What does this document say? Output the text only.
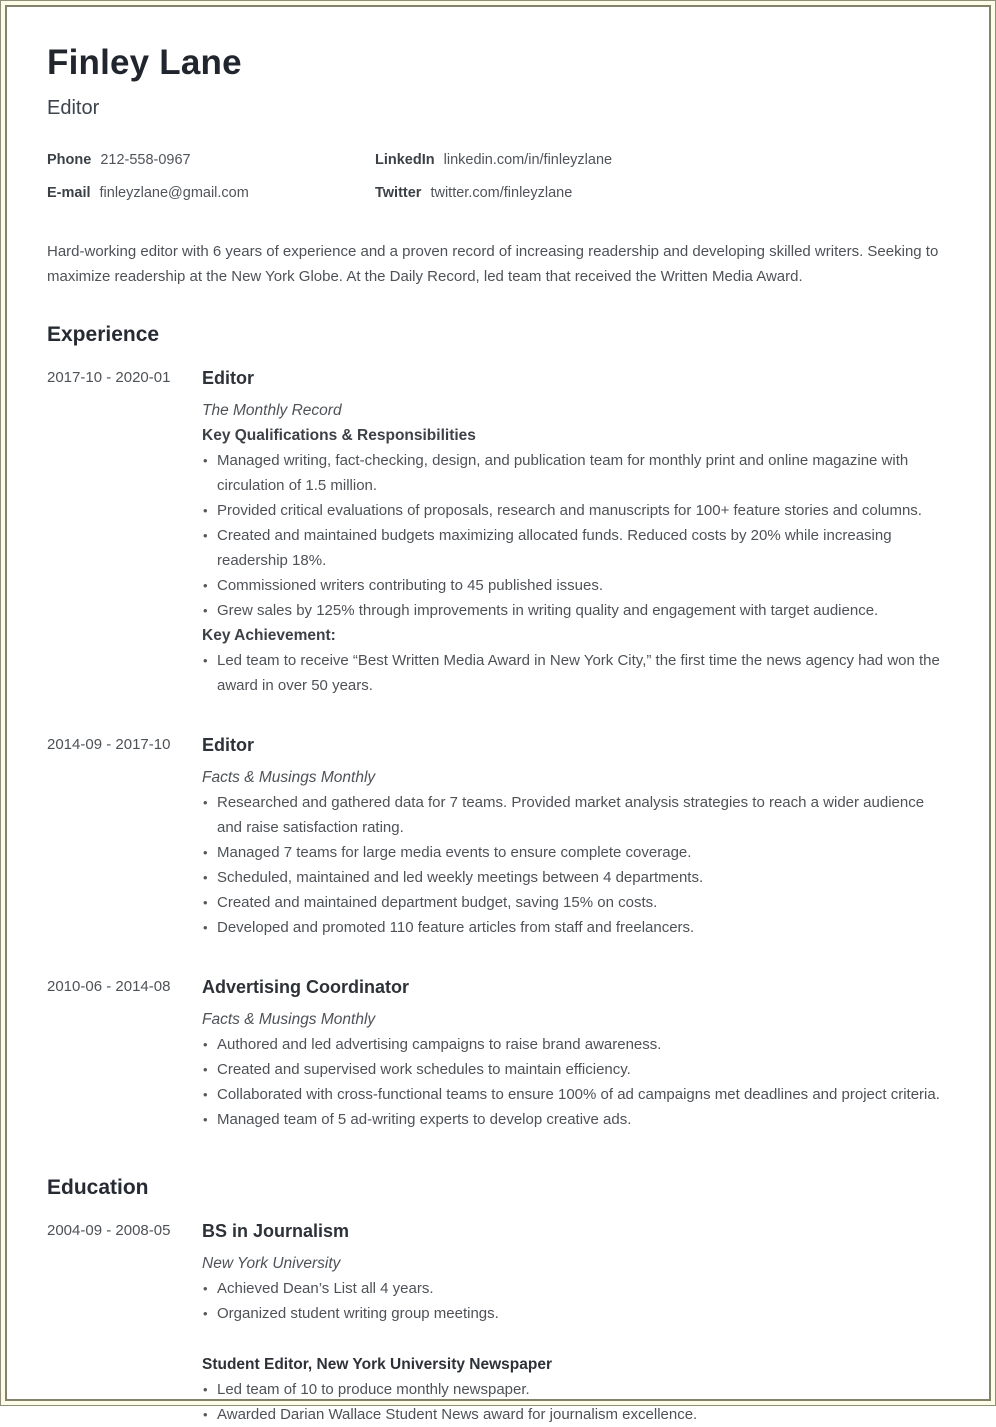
Finley Lane
Editor
Phone 212-558-0967	LinkedIn linkedin.com/in/finleyzlane
E-mail finleyzlane@gmail.com	Twitter twitter.com/finleyzlane

Hard-working editor with 6 years of experience and a proven record of increasing readership and developing skilled writers. Seeking to maximize readership at the New York Globe. At the Daily Record, led team that received the Written Media Award.

Experience
2017-10 - 2020-01	Editor
The Monthly Record
Key Qualifications & Responsibilities
• Managed writing, fact-checking, design, and publication team for monthly print and online magazine with circulation of 1.5 million.
• Provided critical evaluations of proposals, research and manuscripts for 100+ feature stories and columns.
• Created and maintained budgets maximizing allocated funds. Reduced costs by 20% while increasing readership 18%.
• Commissioned writers contributing to 45 published issues.
• Grew sales by 125% through improvements in writing quality and engagement with target audience.
Key Achievement:
• Led team to receive “Best Written Media Award in New York City,” the first time the news agency had won the award in over 50 years.
2014-09 - 2017-10	Editor
Facts & Musings Monthly
• Researched and gathered data for 7 teams. Provided market analysis strategies to reach a wider audience and raise satisfaction rating.
• Managed 7 teams for large media events to ensure complete coverage.
• Scheduled, maintained and led weekly meetings between 4 departments.
• Created and maintained department budget, saving 15% on costs.
• Developed and promoted 110 feature articles from staff and freelancers.
2010-06 - 2014-08	Advertising Coordinator
Facts & Musings Monthly
• Authored and led advertising campaigns to raise brand awareness.
• Created and supervised work schedules to maintain efficiency.
• Collaborated with cross-functional teams to ensure 100% of ad campaigns met deadlines and project criteria.
• Managed team of 5 ad-writing experts to develop creative ads.
Education
2004-09 - 2008-05	BS in Journalism
New York University
• Achieved Dean’s List all 4 years.
• Organized student writing group meetings.
Student Editor, New York University Newspaper
• Led team of 10 to produce monthly newspaper.
• Awarded Darian Wallace Student News award for journalism excellence.
